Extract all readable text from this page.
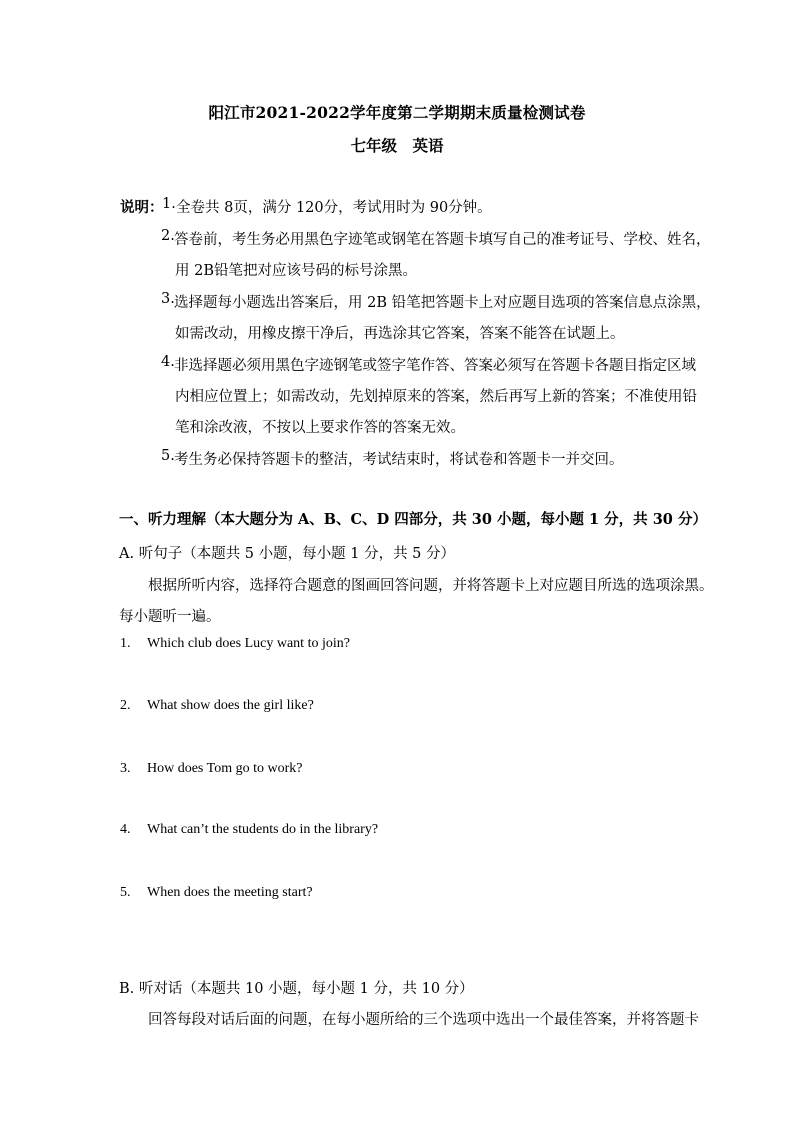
阳江市2021-2022学年度第二学期期末质量检测试卷
七年级　英语
说明：
1. 全卷共 8页，满分 120分，考试用时为 90分钟。
2. 答卷前，考生务必用黑色字迹笔或钢笔在答题卡填写自己的准考证号、学校、姓名，
用 2B铅笔把对应该号码的标号涂黑。
3. 选择题每小题选出答案后，用 2B 铅笔把答题卡上对应题目选项的答案信息点涂黑，
如需改动，用橡皮擦干净后，再选涂其它答案，答案不能答在试题上。
4. 非选择题必须用黑色字迹钢笔或签字笔作答、答案必须写在答题卡各题目指定区域
内相应位置上；如需改动，先划掉原来的答案，然后再写上新的答案；不准使用铅
笔和涂改液，不按以上要求作答的答案无效。
5. 考生务必保持答题卡的整洁，考试结束时，将试卷和答题卡一并交回。
一、听力理解（本大题分为 A、B、C、D 四部分，共 30 小题，每小题 1 分，共 30 分）
A. 听句子（本题共 5 小题，每小题 1 分，共 5 分）
根据所听内容，选择符合题意的图画回答问题，并将答题卡上对应题目所选的选项涂黑。
每小题听一遍。
1. Which club does Lucy want to join?
2. What show does the girl like?
3. How does Tom go to work?
4. What can’t the students do in the library?
5. When does the meeting start?
B. 听对话（本题共 10 小题，每小题 1 分，共 10 分）
回答每段对话后面的问题，在每小题所给的三个选项中选出一个最佳答案，并将答题卡
